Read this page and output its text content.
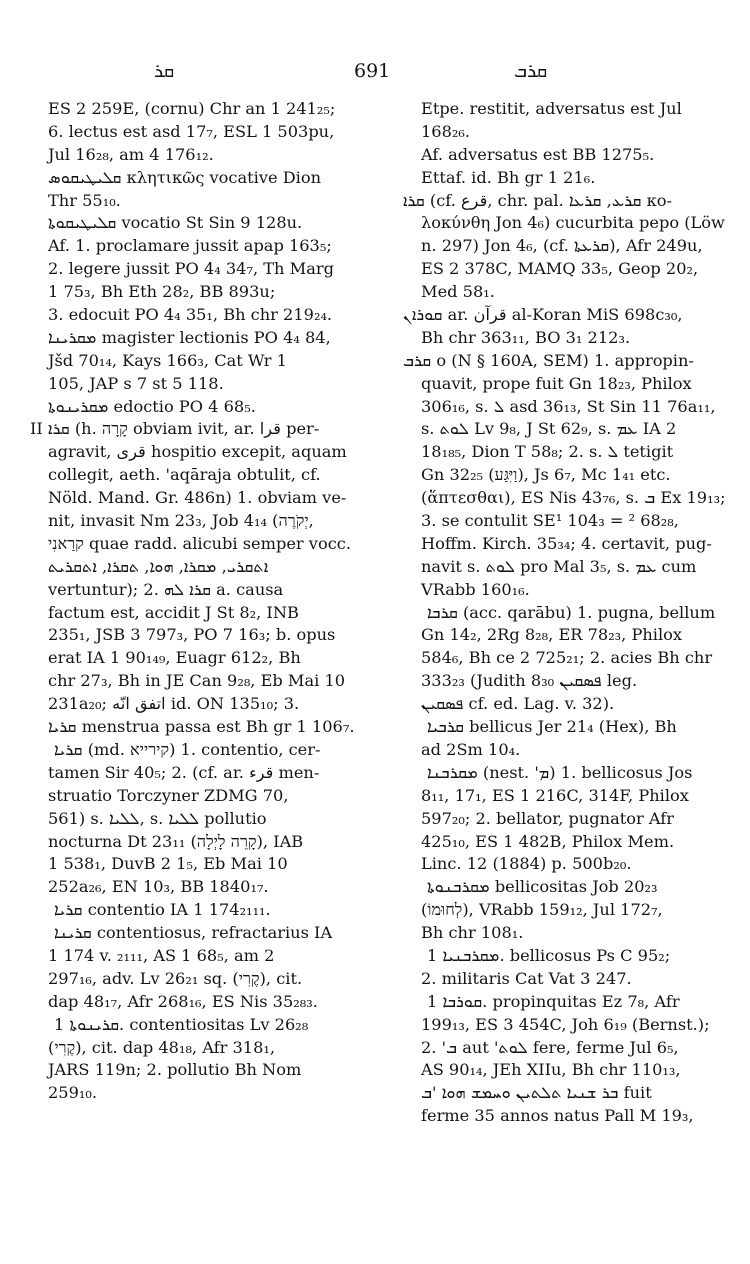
ܩܪ	691	ܩܪܒ
ES 2 259E, (cornu) Chr an 1 241₂₅;
6. lectus est asd 17₇, ESL 1 503pu,
Jul 16₂₈, am 4 176₁₂.
ܩܠܝܛܝܩܘܣ κλητικῶς vocative Dion
Thr 55₁₀.
ܩܠܝܛܝܩܘܬܐ vocatio St Sin 9 128u.
Af. 1. proclamare jussit apap 163₅;
2. legere jussit PO 4₄ 34₇, Th Marg
1 75₃, Bh Eth 28₂, BB 893u;
3. edocuit PO 4₄ 35₁, Bh chr 219₂₄.
ܡܩܪܝܢܐ magister lectionis PO 4₄ 84,
Jšd 70₁₄, Kays 166₃, Cat Wr 1
105, JAP s 7 st 5 118.
ܡܩܪܝܢܘܬܐ edoctio PO 4 68₅.
II ܩܪܐ (h. קָרָה obviam ivit, ar. قرا per-
agravit, قرى hospitio excepit, aquam
collegit, aeth. 'aqāraja obtulit, cf.
Nöld. Mand. Gr. 486n) 1. obviam ve-
nit, invasit Nm 23₃, Job 4₁₄ (יְקֹרֶה,
קרַאנִי quae radd. alicubi semper vocc.
ܐܬܩܪܝ, ܡܩܪܐ, ܗܘܐ, ܬܩܪܐ, ܐܬܩܪܝܬ
vertuntur); 2. ܩܪܐ ܠܗ a. causa
factum est, accidit J St 8₂, INB
235₁, JSB 3 797₃, PO 7 16₃; b. opus
erat IA 1 90₁₄₉, Euagr 612₂, Bh
chr 27₃, Bh in JE Can 9₂₈, Eb Mai 10
231a₂₀; اتفق انّه id. ON 135₁₀; 3.
ܩܪܝܐ menstrua passa est Bh gr 1 106₇.
ܩܪܝܐ (md. קירייא) 1. contentio, cer-
tamen Sir 40₅; 2. (cf. ar. قرء men-
struatio Torczyner ZDMG 70,
561) s. ܠܠܝܐ, s. ܠܠܝܐ pollutio
nocturna Dt 23₁₁ (קָרֵה לָיְלָה), IAB
1 538₁, DuvB 2 1₅, Eb Mai 10
252a₂₆, EN 10₃, BB 1840₁₇.
ܩܪܝܐ contentio IA 1 174₂₁₁₁.
ܩܪܝܢܐ contentiosus, refractarius IA
1 174 v. ₂₁₁₁, AS 1 68₅, am 2
297₁₆, adv. Lv 26₂₁ sq. (קֶרִי), cit.
dap 48₁₇, Afr 268₁₆, ES Nis 35₂₈₃.
ܩܪܝܢܘܬܐ 1. contentiositas Lv 26₂₈
(קֶרִי), cit. dap 48₁₈, Afr 318₁,
JARS 119n; 2. pollutio Bh Nom
259₁₀.
Etpe. restitit, adversatus est Jul
168₂₆.
Af. adversatus est BB 1275₅.
Ettaf. id. Bh gr 1 21₆.
ܩܪܐ (cf. قرع, chr. pal. ܩܪܥ, ܩܪܥܐ κο-
λοκύνθη Jon 4₆) cucurbita pepo (Löw
n. 297) Jon 4₆, (cf. ܩܪܥܬܐ), Afr 249u,
ES 2 378C, MAMQ 33₅, Geop 20₂,
Med 58₁.
ܩܘܪܐܢ ar. قرآن al-Koran MiS 698c₃₀,
Bh chr 363₁₁, BO 3₁ 212₃.
ܩܪܒ o (N § 160A, SEM) 1. appropin-
quavit, prope fuit Gn 18₂₃, Philox
306₁₆, s. ܠ asd 36₁₃, St Sin 11 76a₁₁,
s. ܠܘܬ Lv 9₈, J St 62₉, s. ܥܡ IA 2
18₁₈₅, Dion T 58₈; 2. s. ܠ tetigit
Gn 32₂₅ (וַיִּגַּע), Js 6₇, Mc 1₄₁ etc.
(ἅπτεσθαι), ES Nis 43₇₆, s. ܒ Ex 19₁₃;
3. se contulit SE¹ 104₃ = ² 68₂₈,
Hoffm. Kirch. 35₃₄; 4. certavit, pug-
navit s. ܠܘܬ pro Mal 3₅, s. ܥܡ cum
VRabb 160₁₆.
ܩܪܒܐ (acc. qarābu) 1. pugna, bellum
Gn 14₂, 2Rg 8₂₈, ER 78₂₃, Philox
584₆, Bh ce 2 725₂₁; 2. acies Bh chr
333₂₃ (Judith 8₃₀ ܦܣܩܝܢ leg.
ܦܣܩܝܢ cf. ed. Lag. v. 32).
ܩܪܒܝܐ bellicus Jer 21₄ (Hex), Bh
ad 2Sm 10₄.
ܡܩܪܒܢܐ (nest. 'ܡ) 1. bellicosus Jos
8₁₁, 17₁, ES 1 216C, 314F, Philox
597₂₀; 2. bellator, pugnator Afr
425₁₀, ES 1 482B, Philox Mem.
Linc. 12 (1884) p. 500b₂₀.
ܡܩܪܒܢܘܬܐ bellicositas Job 20₂₃
(לְחוּמוֹ), VRabb 159₁₂, Jul 172₇,
Bh chr 108₁.
ܡܩܪܒܢܝܐ 1. bellicosus Ps C 95₂;
2. militaris Cat Vat 3 247.
ܩܘܪܒܐ 1. propinquitas Ez 7₈, Afr
199₁₃, ES 3 454C, Joh 6₁₉ (Bernst.);
2. 'ܒ aut 'ܠܘܬ fere, ferme Jul 6₅,
AS 90₁₄, JEh XIIu, Bh chr 110₁₃,
ܒܪ ܫܢܝܐ ܬܠܬܝܢ ܘܚܡܫ ܗܘܐ 'ܒ fuit
ferme 35 annos natus Pall M 19₃,
